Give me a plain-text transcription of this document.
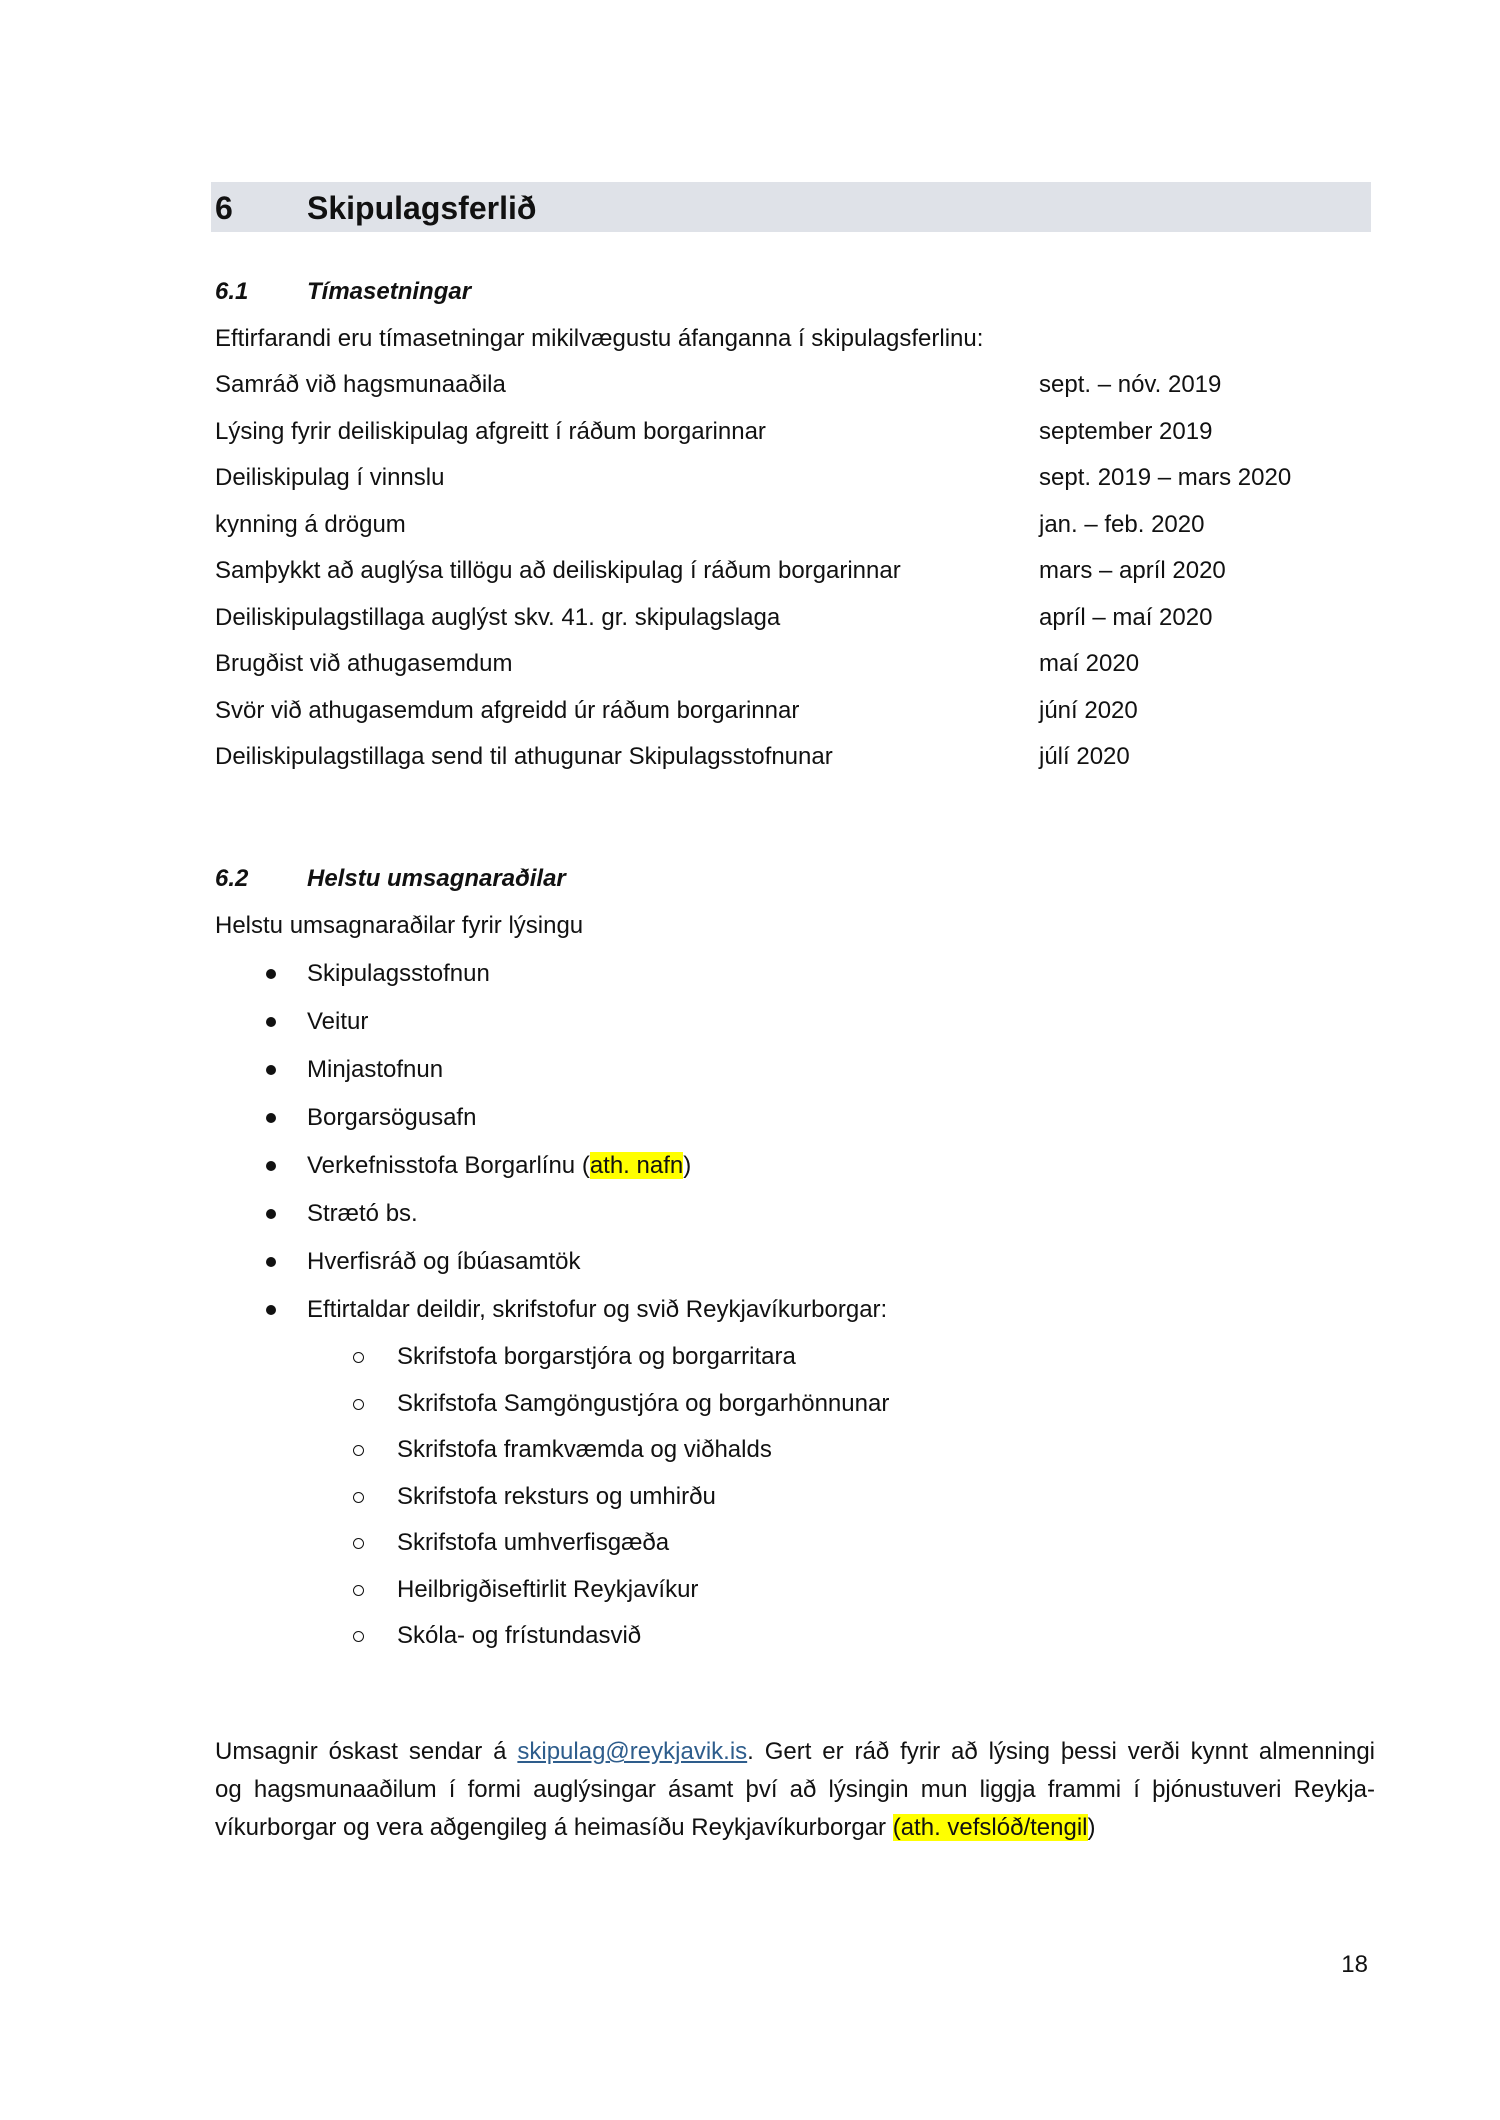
6 Skipulagsferlið
6.1 Tímasetningar
Eftirfarandi eru tímasetningar mikilvægustu áfanganna í skipulagsferlinu:
Samráð við hagsmunaaðila	sept. – nóv. 2019
Lýsing fyrir deiliskipulag afgreitt í ráðum borgarinnar	september 2019
Deiliskipulag í vinnslu	sept. 2019 – mars 2020
kynning á drögum	jan. – feb. 2020
Samþykkt að auglýsa tillögu að deiliskipulag í ráðum borgarinnar	mars – apríl 2020
Deiliskipulagstillaga auglýst skv. 41. gr. skipulagslaga	apríl – maí 2020
Brugðist við athugasemdum	maí 2020
Svör við athugasemdum afgreidd úr ráðum borgarinnar	júní 2020
Deiliskipulagstillaga send til athugunar Skipulagsstofnunar	júlí 2020
6.2 Helstu umsagnaraðilar
Helstu umsagnaraðilar fyrir lýsingu
Skipulagsstofnun
Veitur
Minjastofnun
Borgarsögusafn
Verkefnisstofa Borgarlínu (ath. nafn)
Strætó bs.
Hverfisráð og íbúasamtök
Eftirtaldar deildir, skrifstofur og svið Reykjavíkurborgar:
Skrifstofa borgarstjóra og borgarritara
Skrifstofa Samgöngustjóra og borgarhönnunar
Skrifstofa framkvæmda og viðhalds
Skrifstofa reksturs og umhirðu
Skrifstofa umhverfisgæða
Heilbrigðiseftirlit Reykjavíkur
Skóla- og frístundasvið
Umsagnir óskast sendar á skipulag@reykjavik.is. Gert er ráð fyrir að lýsing þessi verði kynnt almenningi
og hagsmunaaðilum í formi auglýsingar ásamt því að lýsingin mun liggja frammi í þjónustuveri Reykja-
víkurborgar og vera aðgengileg á heimasíðu Reykjavíkurborgar (ath. vefslóð/tengil)
18
